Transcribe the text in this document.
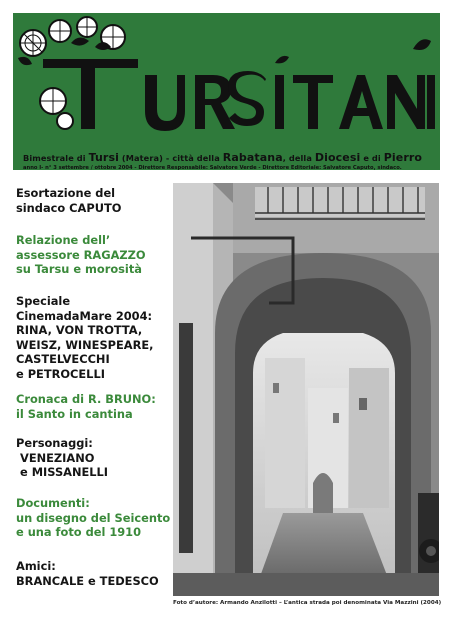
Bimestrale di Tursi (Matera) - città della Rabatana, della Diocesi e di Pierro
anno I- n° 3 settembre / ottobre 2004 - Direttore Responsabile: Salvatore Verde - Direttore Editoriale: Salvatore Caputo, sindaco.
Esortazione del
sindaco CAPUTO
Relazione dell’
assessore RAGAZZO
su Tarsu e morosità
Speciale
CinemadaMare 2004:
RINA, VON TROTTA,
WEISZ, WINESPEARE,
CASTELVECCHI
e PETROCELLI
Cronaca di R. BRUNO:
il Santo in cantina
Personaggi:
VENEZIANO
e MISSANELLI
Documenti:
un disegno del Seicento
e una foto del 1910
Amici:
BRANCALE e TEDESCO
Foto d’autore: Armando Anzilotti – L’antica strada poi denominata Via Mazzini (2004)
